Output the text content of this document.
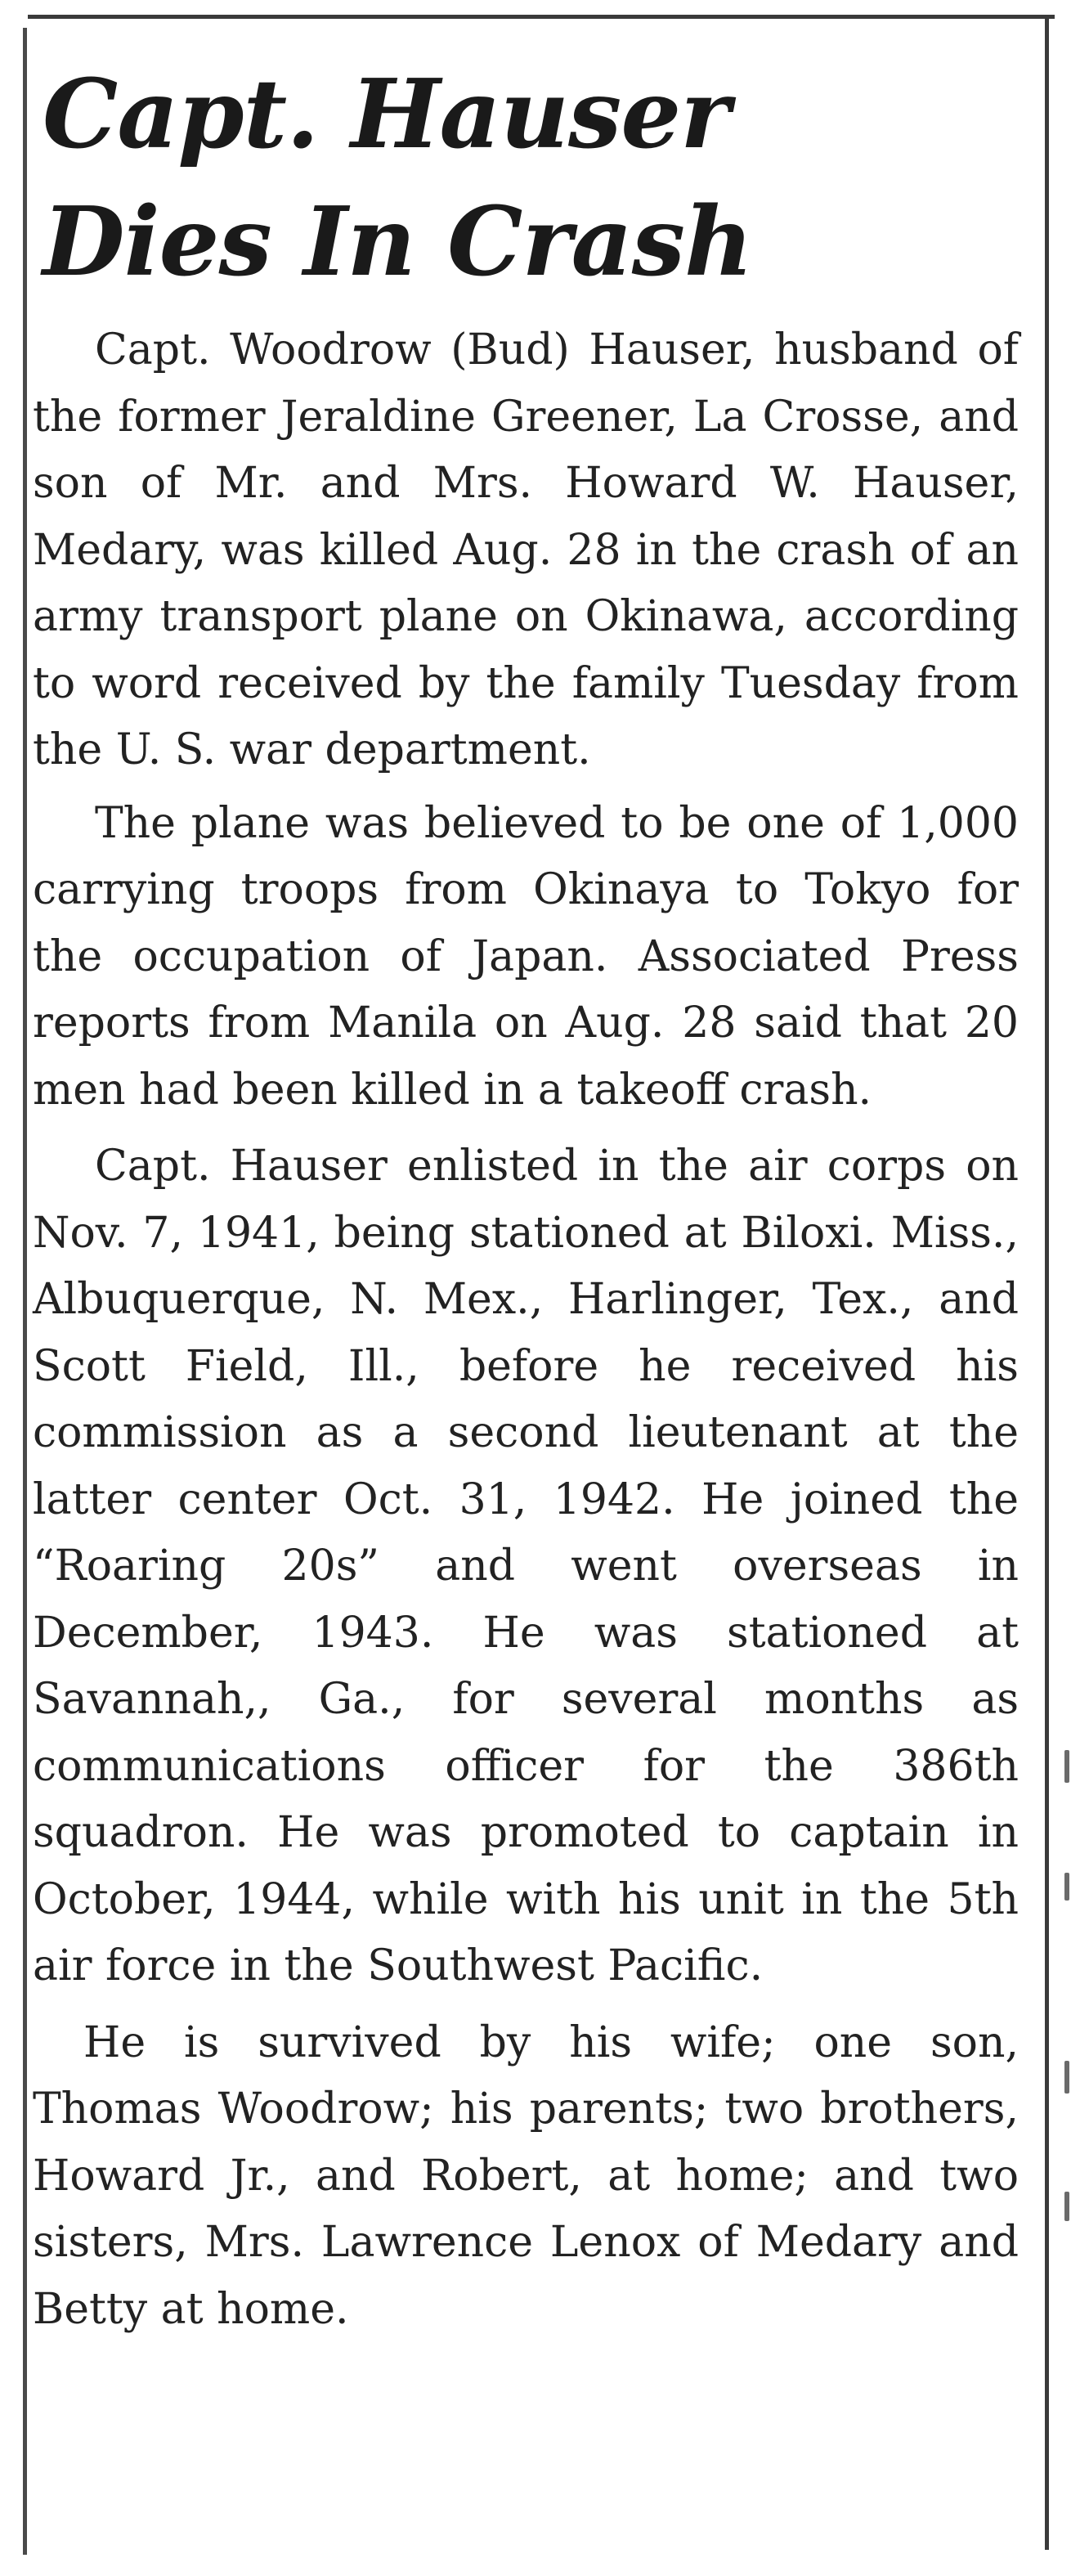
Capt. Hauser
Dies In Crash

Capt. Woodrow (Bud) Hauser, husband of the former Jeraldine Greener, La Crosse, and son of Mr. and Mrs. Howard W. Hauser, Medary, was killed Aug. 28 in the crash of an army transport plane on Okinawa, according to word received by the family Tuesday from the U. S. war department.

The plane was believed to be one of 1,000 carrying troops from Okinaya to Tokyo for the occupation of Japan. Associated Press reports from Manila on Aug. 28 said that 20 men had been killed in a takeoff crash.

Capt. Hauser enlisted in the air corps on Nov. 7, 1941, being stationed at Biloxi. Miss., Albuquerque, N. Mex., Harlinger, Tex., and Scott Field, Ill., before he received his commission as a second lieutenant at the latter center Oct. 31, 1942. He joined the “Roaring 20s” and went overseas in December, 1943. He was stationed at Savannah,, Ga., for several months as communications officer for the 386th squadron. He was promoted to captain in October, 1944, while with his unit in the 5th air force in the Southwest Pacific.

He is survived by his wife; one son, Thomas Woodrow; his parents; two brothers, Howard Jr., and Robert, at home; and two sisters, Mrs. Lawrence Lenox of Medary and Betty at home.
